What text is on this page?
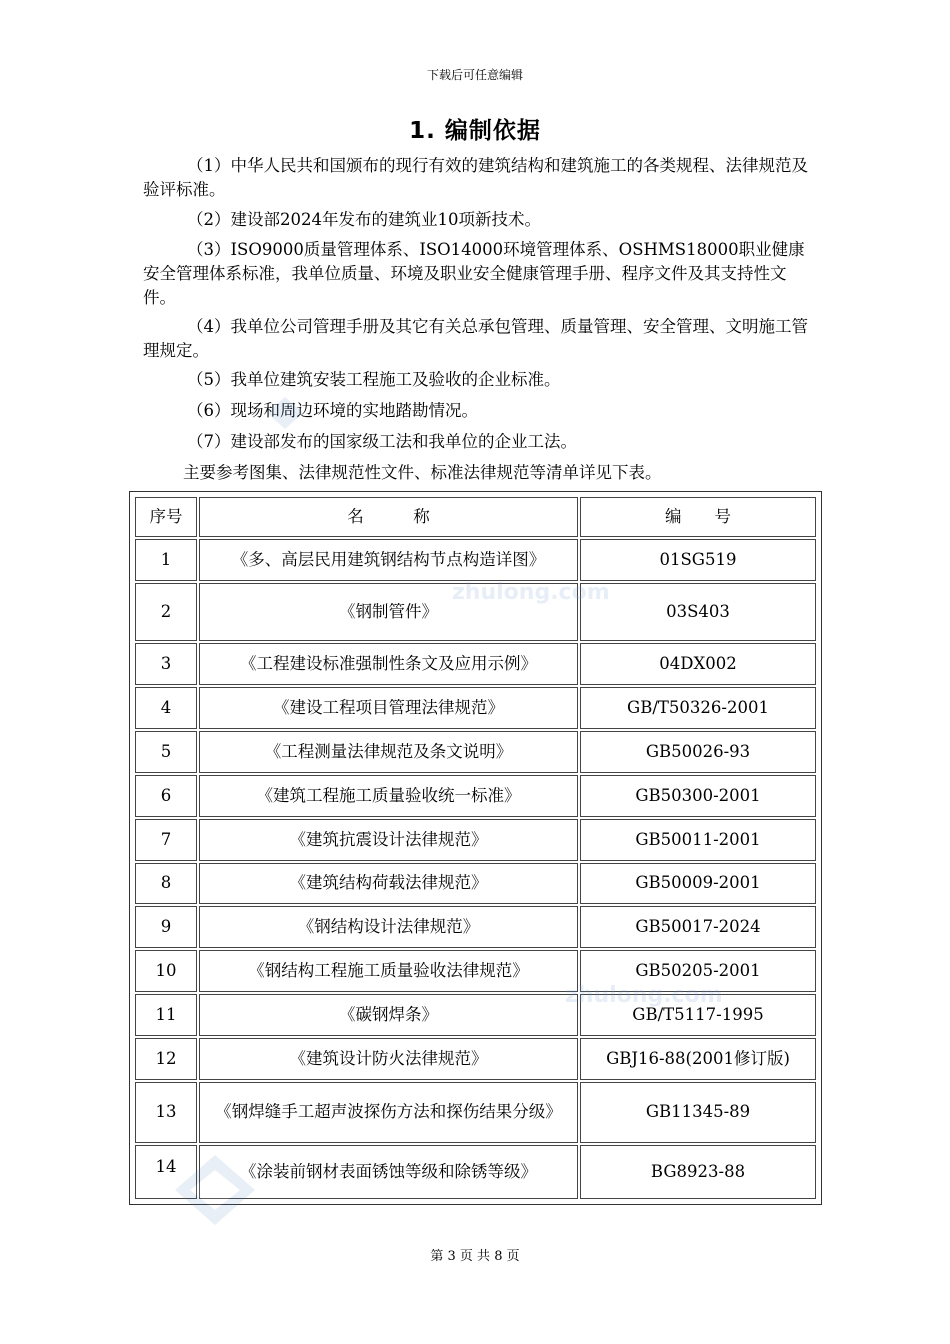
下载后可任意编辑
1. 编制依据

（1）中华人民共和国颁布的现行有效的建筑结构和建筑施工的各类规程、法律规范及验评标准。

（2）建设部2024年发布的建筑业10项新技术。

（3）ISO9000质量管理体系、ISO14000环境管理体系、OSHMS18000职业健康安全管理体系标准，我单位质量、环境及职业安全健康管理手册、程序文件及其支持性文件。

（4）我单位公司管理手册及其它有关总承包管理、质量管理、安全管理、文明施工管理规定。

（5）我单位建筑安装工程施工及验收的企业标准。

（6）现场和周边环境的实地踏勘情况。

（7）建设部发布的国家级工法和我单位的企业工法。

主要参考图集、法律规范性文件、标准法律规范等清单详见下表。

序号	名　　　称	编　　号
1	《多、高层民用建筑钢结构节点构造详图》	01SG519
2	《钢制管件》	03S403
3	《工程建设标准强制性条文及应用示例》	04DX002
4	《建设工程项目管理法律规范》	GB/T50326-2001
5	《工程测量法律规范及条文说明》	GB50026-93
6	《建筑工程施工质量验收统一标准》	GB50300-2001
7	《建筑抗震设计法律规范》	GB50011-2001
8	《建筑结构荷载法律规范》	GB50009-2001
9	《钢结构设计法律规范》	GB50017-2024
10	《钢结构工程施工质量验收法律规范》	GB50205-2001
11	《碳钢焊条》	GB/T5117-1995
12	《建筑设计防火法律规范》	GBJ16-88(2001修订版)
13	《钢焊缝手工超声波探伤方法和探伤结果分级》	GB11345-89
14	《涂装前钢材表面锈蚀等级和除锈等级》	BG8923-88
zhulong.com
zhulong.com
第 3 页 共 8 页
